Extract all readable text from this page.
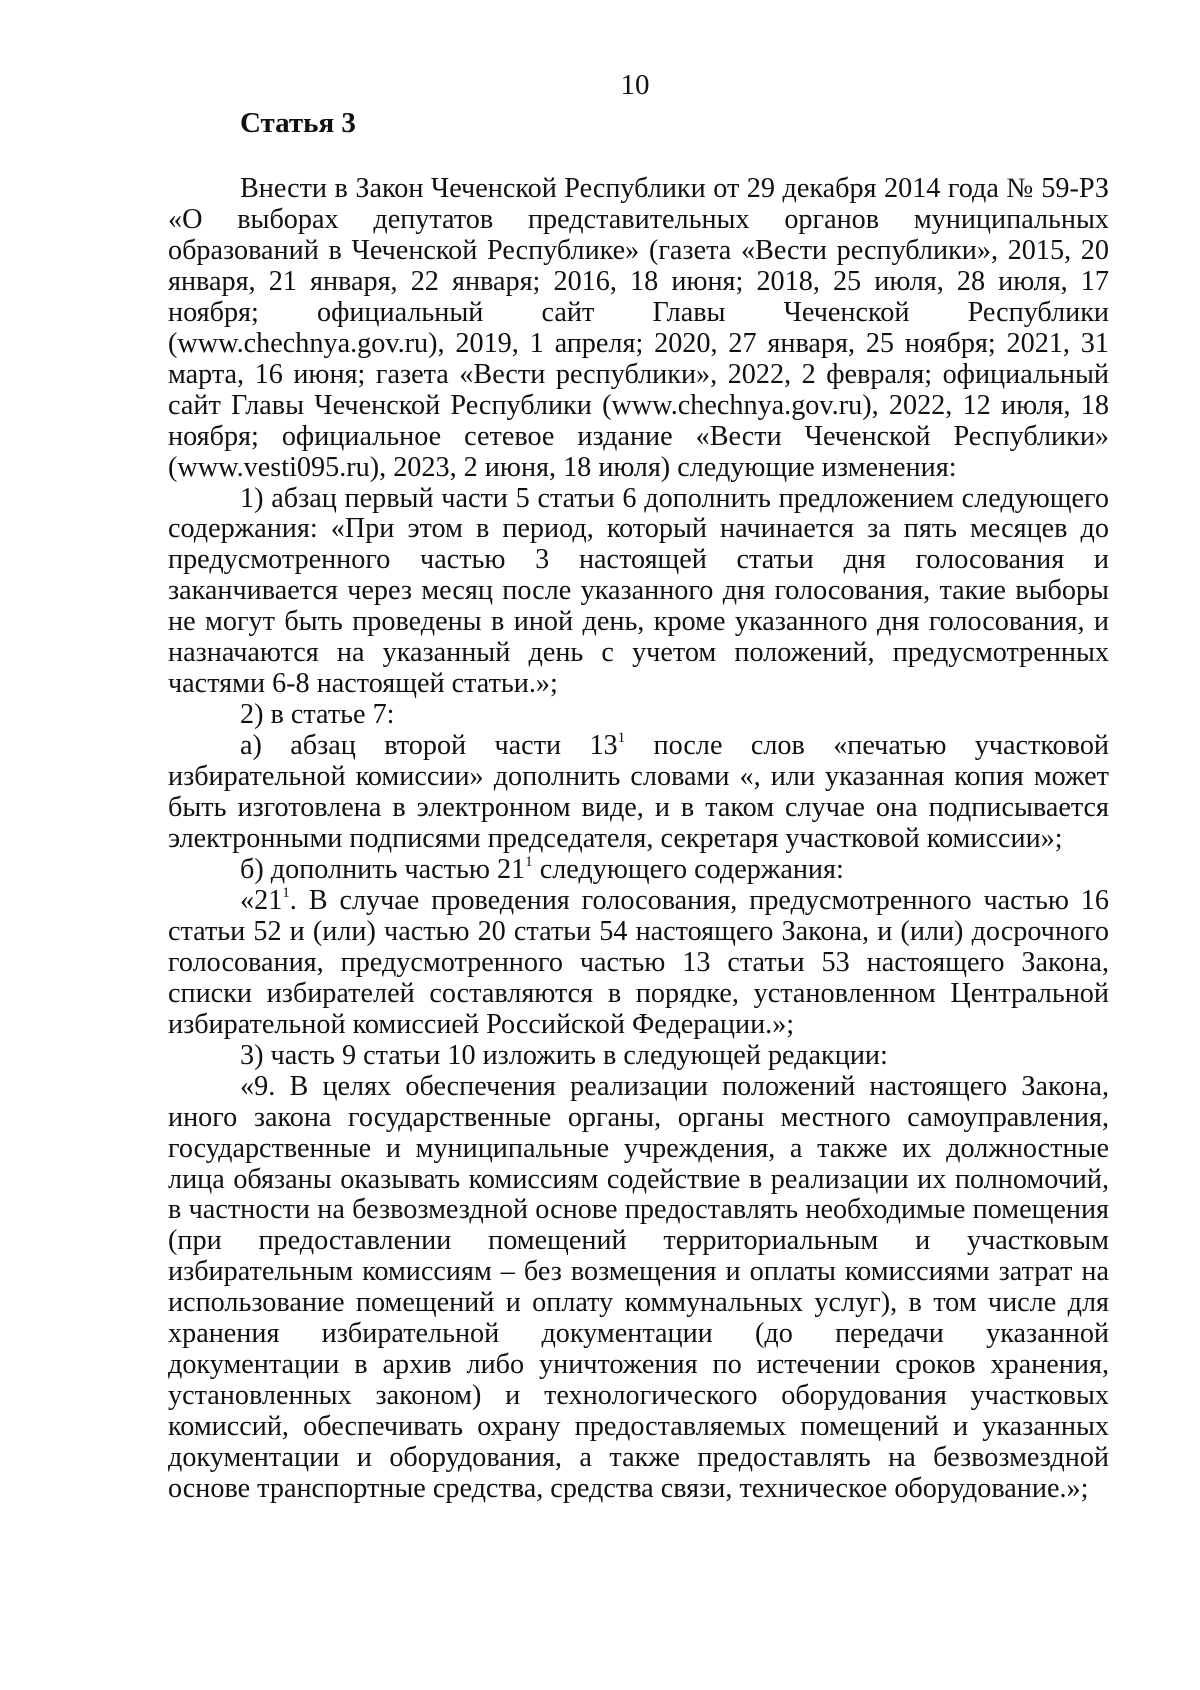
10
Статья 3

Внести в Закон Чеченской Республики от 29 декабря 2014 года № 59-РЗ «О выборах депутатов представительных органов муниципальных образований в Чеченской Республике» (газета «Вести республики», 2015, 20 января, 21 января, 22 января; 2016, 18 июня; 2018, 25 июля, 28 июля, 17 ноября; официальный сайт Главы Чеченской Республики (www.chechnya.gov.ru), 2019, 1 апреля; 2020, 27 января, 25 ноября; 2021, 31 марта, 16 июня; газета «Вести республики», 2022, 2 февраля; официальный сайт Главы Чеченской Республики (www.chechnya.gov.ru), 2022, 12 июля, 18 ноября; официальное сетевое издание «Вести Чеченской Республики» (www.vesti095.ru), 2023, 2 июня, 18 июля) следующие изменения:

1) абзац первый части 5 статьи 6 дополнить предложением следующего содержания: «При этом в период, который начинается за пять месяцев до предусмотренного частью 3 настоящей статьи дня голосования и заканчивается через месяц после указанного дня голосования, такие выборы не могут быть проведены в иной день, кроме указанного дня голосования, и назначаются на указанный день с учетом положений, предусмотренных частями 6-8 настоящей статьи.»;

2) в статье 7:

а) абзац второй части $13^1$ после слов «печатью участковой избирательной комиссии» дополнить словами «, или указанная копия может быть изготовлена в электронном виде, и в таком случае она подписывается электронными подписями председателя, секретаря участковой комиссии»;

б) дополнить частью $21^1$ следующего содержания:

«$21^1$. В случае проведения голосования, предусмотренного частью 16 статьи 52 и (или) частью 20 статьи 54 настоящего Закона, и (или) досрочного голосования, предусмотренного частью 13 статьи 53 настоящего Закона, списки избирателей составляются в порядке, установленном Центральной избирательной комиссией Российской Федерации.»;

3) часть 9 статьи 10 изложить в следующей редакции:

«9. В целях обеспечения реализации положений настоящего Закона, иного закона государственные органы, органы местного самоуправления, государственные и муниципальные учреждения, а также их должностные лица обязаны оказывать комиссиям содействие в реализации их полномочий, в частности на безвозмездной основе предоставлять необходимые помещения (при предоставлении помещений территориальным и участковым избирательным комиссиям – без возмещения и оплаты комиссиями затрат на использование помещений и оплату коммунальных услуг), в том числе для хранения избирательной документации (до передачи указанной документации в архив либо уничтожения по истечении сроков хранения, установленных законом) и технологического оборудования участковых комиссий, обеспечивать охрану предоставляемых помещений и указанных документации и оборудования, а также предоставлять на безвозмездной основе транспортные средства, средства связи, техническое оборудование.»;
